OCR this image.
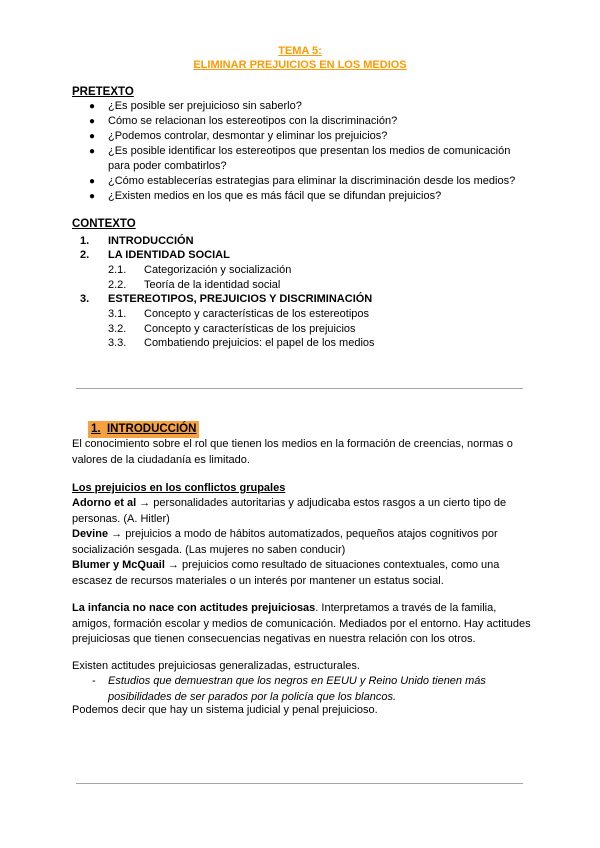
TEMA 5:
ELIMINAR PREJUICIOS EN LOS MEDIOS
PRETEXTO
● ¿Es posible ser prejuicioso sin saberlo?
● Cómo se relacionan los estereotipos con la discriminación?
● ¿Podemos controlar, desmontar y eliminar los prejuicios?
● ¿Es posible identificar los estereotipos que presentan los medios de comunicación para poder combatirlos?
● ¿Cómo establecerías estrategias para eliminar la discriminación desde los medios?
● ¿Existen medios en los que es más fácil que se difundan prejuicios?
CONTEXTO
1. INTRODUCCIÓN
2. LA IDENTIDAD SOCIAL
2.1. Categorización y socialización
2.2. Teoría de la identidad social
3. ESTEREOTIPOS, PREJUICIOS Y DISCRIMINACIÓN
3.1. Concepto y características de los estereotipos
3.2. Concepto y características de los prejuicios
3.3. Combatiendo prejuicios: el papel de los medios
1. INTRODUCCIÓN

El conocimiento sobre el rol que tienen los medios en la formación de creencias, normas o valores de la ciudadanía es limitado.

Los prejuicios en los conflictos grupales

Adorno et al → personalidades autoritarias y adjudicaba estos rasgos a un cierto tipo de personas. (A. Hitler)

Devine → prejuicios a modo de hábitos automatizados, pequeños atajos cognitivos por socialización sesgada. (Las mujeres no saben conducir)

Blumer y McQuail → prejuicios como resultado de situaciones contextuales, como una escasez de recursos materiales o un interés por mantener un estatus social.

La infancia no nace con actitudes prejuiciosas. Interpretamos a través de la familia, amigos, formación escolar y medios de comunicación. Mediados por el entorno. Hay actitudes prejuiciosas que tienen consecuencias negativas en nuestra relación con los otros.

Existen actitudes prejuiciosas generalizadas, estructurales.

- Estudios que demuestran que los negros en EEUU y Reino Unido tienen más posibilidades de ser parados por la policía que los blancos.

Podemos decir que hay un sistema judicial y penal prejuicioso.
